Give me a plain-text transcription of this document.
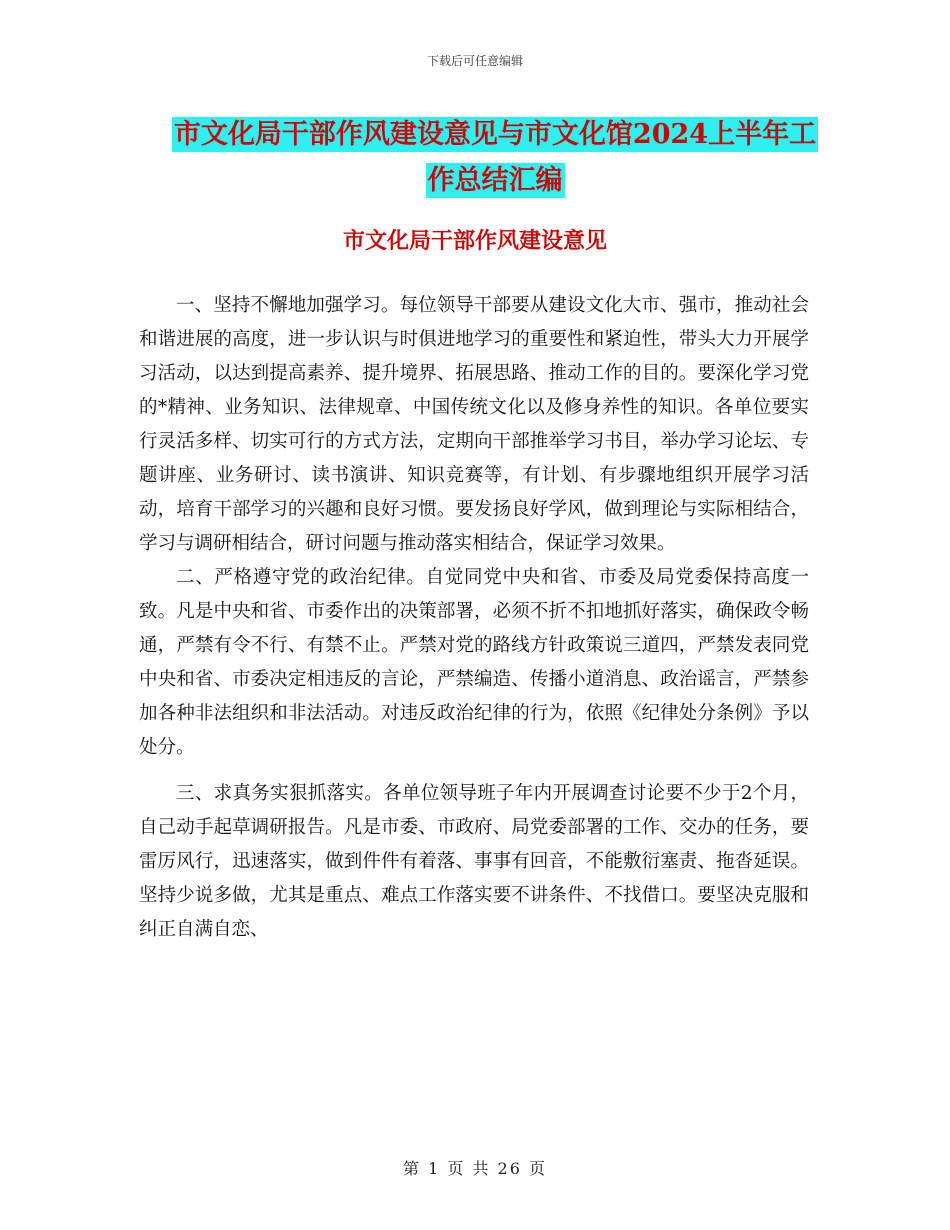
下载后可任意编辑
市文化局干部作风建设意见与市文化馆2024上半年工
作总结汇编
市文化局干部作风建设意见

一、坚持不懈地加强学习。每位领导干部要从建设文化大市、强市，推动社会和谐进展的高度，进一步认识与时俱进地学习的重要性和紧迫性，带头大力开展学习活动，以达到提高素养、提升境界、拓展思路、推动工作的目的。要深化学习党的*精神、业务知识、法律规章、中国传统文化以及修身养性的知识。各单位要实行灵活多样、切实可行的方式方法，定期向干部推举学习书目，举办学习论坛、专题讲座、业务研讨、读书演讲、知识竞赛等，有计划、有步骤地组织开展学习活动，培育干部学习的兴趣和良好习惯。要发扬良好学风，做到理论与实际相结合，学习与调研相结合，研讨问题与推动落实相结合，保证学习效果。

二、严格遵守党的政治纪律。自觉同党中央和省、市委及局党委保持高度一致。凡是中央和省、市委作出的决策部署，必须不折不扣地抓好落实，确保政令畅通，严禁有令不行、有禁不止。严禁对党的路线方针政策说三道四，严禁发表同党中央和省、市委决定相违反的言论，严禁编造、传播小道消息、政治谣言，严禁参加各种非法组织和非法活动。对违反政治纪律的行为，依照《纪律处分条例》予以处分。

三、求真务实狠抓落实。各单位领导班子年内开展调查讨论要不少于2个月，自己动手起草调研报告。凡是市委、市政府、局党委部署的工作、交办的任务，要雷厉风行，迅速落实，做到件件有着落、事事有回音，不能敷衍塞责、拖沓延误。坚持少说多做，尤其是重点、难点工作落实要不讲条件、不找借口。要坚决克服和纠正自满自恋、

第 1 页 共 26 页
